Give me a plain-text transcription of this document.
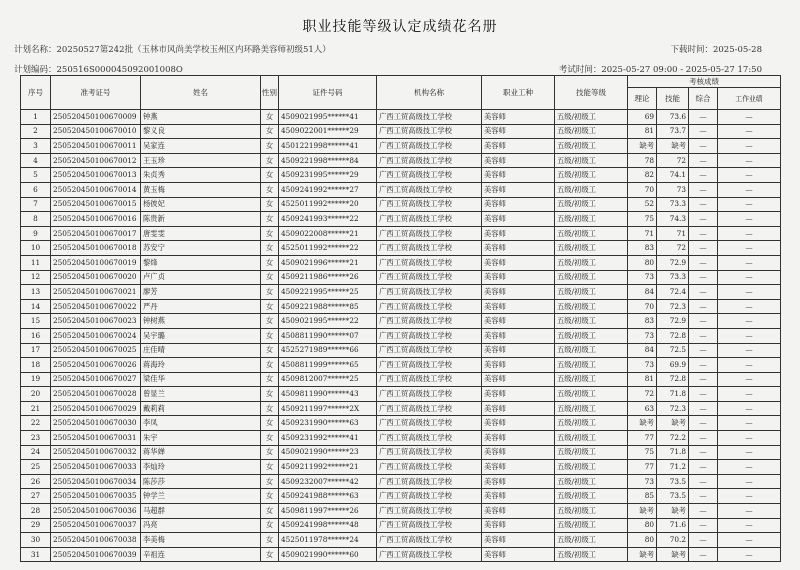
职业技能等级认定成绩花名册
计划名称：20250527第242批（玉林市风尚美学校玉州区内环路美容师初级51人）	下载时间：2025-05-28
计划编码：250516S000045092001008O	考试时间：2025-05-27 09:00 - 2025-05-27 17:50
序号	准考证号	姓名	性别	证件号码	机构名称	职业工种	技能等级	考核成绩			
								理论	技能	综合	工作业绩
1	250520450100670009	钟燕	女	4509021995******41	广西工贸高级技工学校	美容师	五级/初级工	69	73.6	—	—
2	250520450100670010	黎义良	女	4509022001******29	广西工贸高级技工学校	美容师	五级/初级工	81	73.7	—	—
3	250520450100670011	吴家连	女	4501221998******41	广西工贸高级技工学校	美容师	五级/初级工	缺考	缺考	—	—
4	250520450100670012	王玉珍	女	4509221998******84	广西工贸高级技工学校	美容师	五级/初级工	78	72	—	—
5	250520450100670013	朱贞秀	女	4509231995******29	广西工贸高级技工学校	美容师	五级/初级工	82	74.1	—	—
6	250520450100670014	黄玉梅	女	4509241992******27	广西工贸高级技工学校	美容师	五级/初级工	70	73	—	—
7	250520450100670015	杨彼妃	女	4525011992******20	广西工贸高级技工学校	美容师	五级/初级工	52	73.3	—	—
8	250520450100670016	陈贵新	女	4509241993******22	广西工贸高级技工学校	美容师	五级/初级工	75	74.3	—	—
9	250520450100670017	唐雯雯	女	4509022008******21	广西工贸高级技工学校	美容师	五级/初级工	71	71	—	—
10	250520450100670018	苏安宁	女	4525011992******22	广西工贸高级技工学校	美容师	五级/初级工	83	72	—	—
11	250520450100670019	黎烽	女	4509021996******21	广西工贸高级技工学校	美容师	五级/初级工	80	72.9	—	—
12	250520450100670020	卢广贞	女	4509211986******26	广西工贸高级技工学校	美容师	五级/初级工	73	73.3	—	—
13	250520450100670021	廖芳	女	4509221995******25	广西工贸高级技工学校	美容师	五级/初级工	84	72.4	—	—
14	250520450100670022	严丹	女	4509221988******85	广西工贸高级技工学校	美容师	五级/初级工	70	72.3	—	—
15	250520450100670023	钟树燕	女	4509021995******22	广西工贸高级技工学校	美容师	五级/初级工	83	72.9	—	—
16	250520450100670024	吴宇璐	女	4508811990******07	广西工贸高级技工学校	美容师	五级/初级工	73	72.8	—	—
17	250520450100670025	庄佳晴	女	4525271989******66	广西工贸高级技工学校	美容师	五级/初级工	84	72.5	—	—
18	250520450100670026	蒋海玲	女	4508811999******65	广西工贸高级技工学校	美容师	五级/初级工	73	69.9	—	—
19	250520450100670027	梁佳华	女	4509812007******25	广西工贸高级技工学校	美容师	五级/初级工	81	72.8	—	—
20	250520450100670028	曾显兰	女	4509811990******43	广西工贸高级技工学校	美容师	五级/初级工	72	71.8	—	—
21	250520450100670029	戴莉莉	女	4509211997******2X	广西工贸高级技工学校	美容师	五级/初级工	63	72.3	—	—
22	250520450100670030	李凤	女	4509231990******63	广西工贸高级技工学校	美容师	五级/初级工	缺考	缺考	—	—
23	250520450100670031	朱宇	女	4509231992******41	广西工贸高级技工学校	美容师	五级/初级工	77	72.2	—	—
24	250520450100670032	蒋华婵	女	4509021990******23	广西工贸高级技工学校	美容师	五级/初级工	75	71.8	—	—
25	250520450100670033	李灿玲	女	4509211992******21	广西工贸高级技工学校	美容师	五级/初级工	77	71.2	—	—
26	250520450100670034	陈莎莎	女	4509232007******42	广西工贸高级技工学校	美容师	五级/初级工	73	73.5	—	—
27	250520450100670035	钟学兰	女	4509241988******63	广西工贸高级技工学校	美容师	五级/初级工	85	73.5	—	—
28	250520450100670036	马超群	女	4509811997******26	广西工贸高级技工学校	美容师	五级/初级工	缺考	缺考	—	—
29	250520450100670037	冯亮	女	4509241998******48	广西工贸高级技工学校	美容师	五级/初级工	80	71.6	—	—
30	250520450100670038	李美梅	女	4525011978******24	广西工贸高级技工学校	美容师	五级/初级工	80	70.2	—	—
31	250520450100670039	辛祖连	女	4509021990******60	广西工贸高级技工学校	美容师	五级/初级工	缺考	缺考	—	—
